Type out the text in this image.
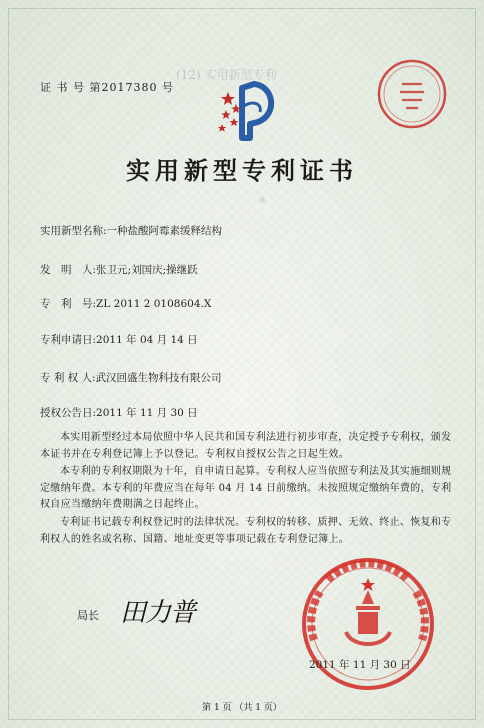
证 书 号 第2017380 号
(12) 实用新型专利
实用新型专利证书
※
实用新型名称:一种盐酸阿霉素缓释结构
发　明　人:张卫元;刘国庆;操继跃
专　利　号:ZL 2011 2 0108604.X
专利申请日:2011 年 04 月 14 日
专 利 权 人:武汉回盛生物科技有限公司
授权公告日:2011 年 11 月 30 日
本实用新型经过本局依照中华人民共和国专利法进行初步审查，决定授予专利权，颁发本证书并在专利登记簿上予以登记。专利权自授权公告之日起生效。
本专利的专利权期限为十年，自申请日起算。专利权人应当依照专利法及其实施细则规定缴纳年费。本专利的年费应当在每年 04 月 14 日前缴纳。未按照规定缴纳年费的，专利权自应当缴纳年费期满之日起终止。
专利证书记载专利权登记时的法律状况。专利权的转移、质押、无效、终止、恢复和专利权人的姓名或名称、国籍、地址变更等事项记载在专利登记簿上。
局长 田力普
2011 年 11 月 30 日
第 1 页 （共 1 页）
